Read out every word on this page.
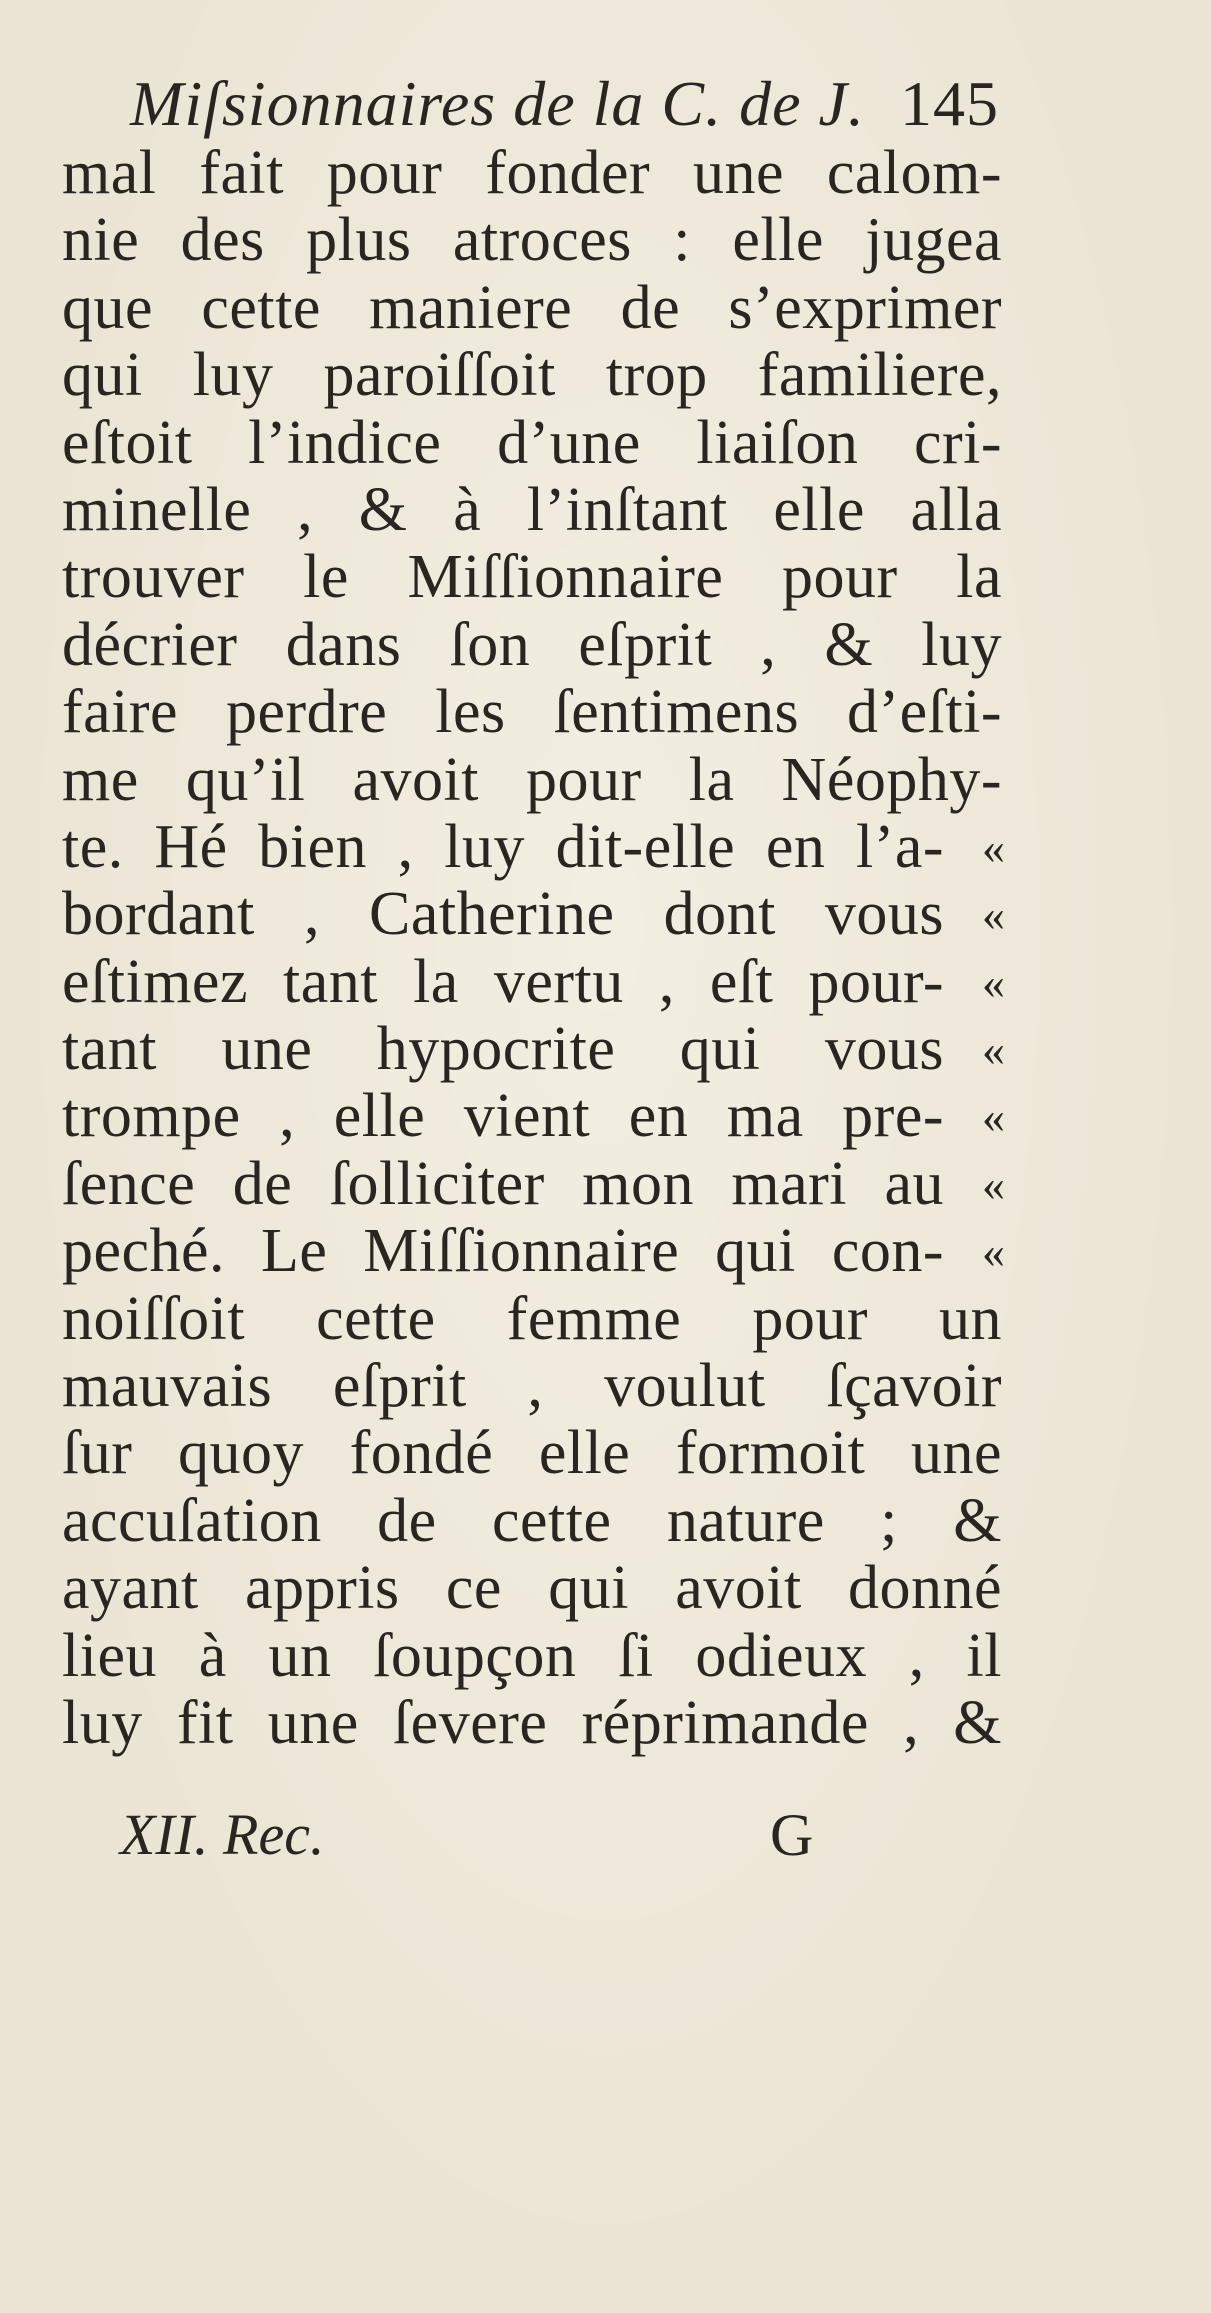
Miſsionnaires de la C. de J. 145
mal fait pour fonder une calom-
nie des plus atroces : elle jugea
que cette maniere de s’exprimer
qui luy paroiſſoit trop familiere,
eſtoit l’indice d’une liaiſon cri-
minelle , & à l’inſtant elle alla
trouver le Miſſionnaire pour la
décrier dans ſon eſprit , & luy
faire perdre les ſentimens d’eſti-
me qu’il avoit pour la Néophy-
te. Hé bien , luy dit-elle en l’a- «
bordant , Catherine dont vous «
eſtimez tant la vertu , eſt pour- «
tant une hypocrite qui vous «
trompe , elle vient en ma pre- «
ſence de ſolliciter mon mari au «
peché. Le Miſſionnaire qui con- «
noiſſoit cette femme pour un
mauvais eſprit , voulut ſçavoir
ſur quoy fondé elle formoit une
accuſation de cette nature ; &
ayant appris ce qui avoit donné
lieu à un ſoupçon ſi odieux , il
luy fit une ſevere réprimande , &
XII. Rec.	G
